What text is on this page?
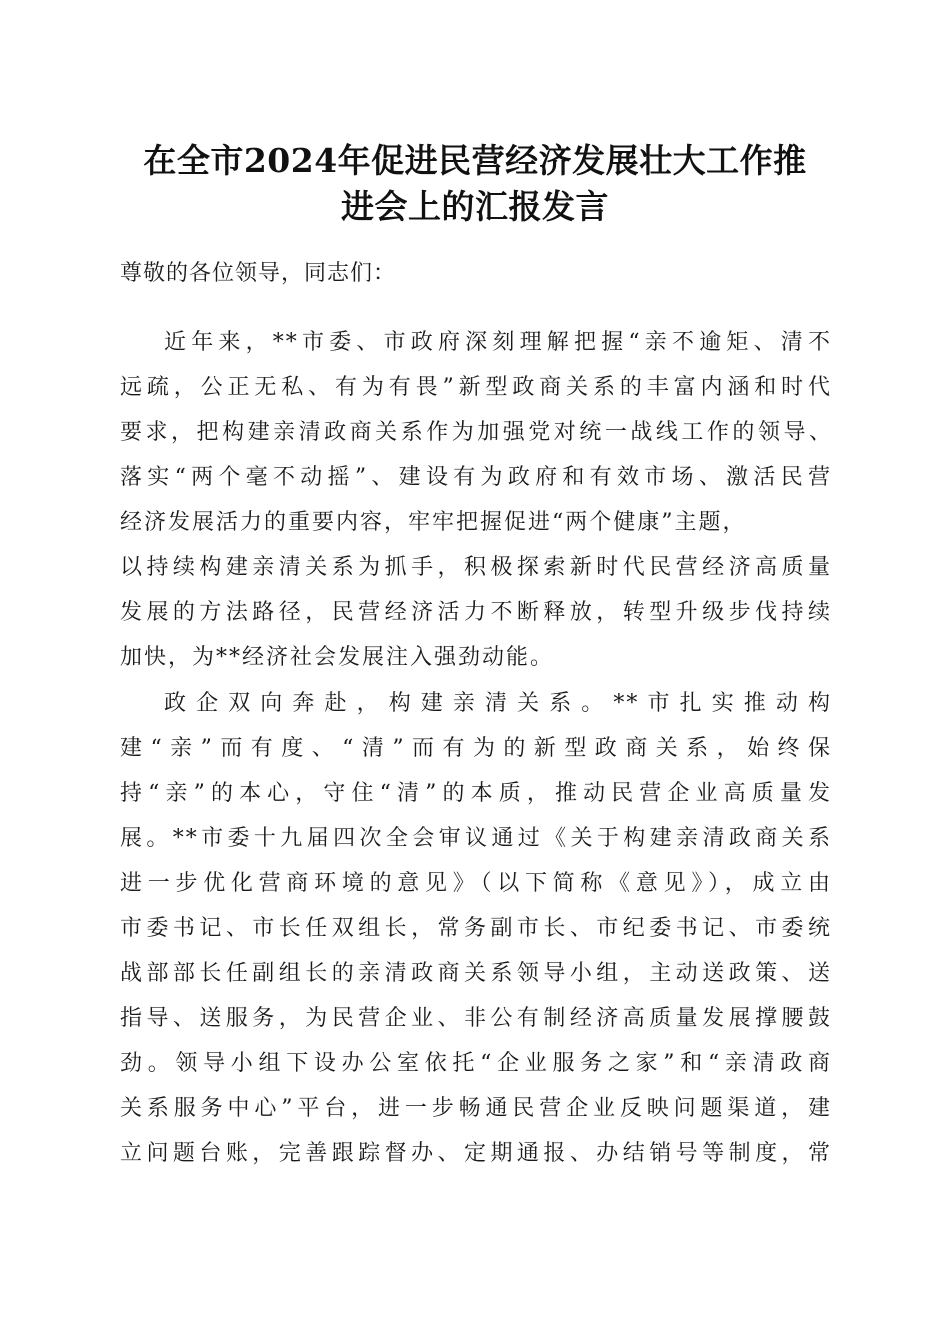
在全市2024年促进民营经济发展壮大工作推
进会上的汇报发言
尊敬的各位领导，同志们：
近年来，**市委、市政府深刻理解把握“亲不逾矩、清不
远疏，公正无私、有为有畏”新型政商关系的丰富内涵和时代
要求，把构建亲清政商关系作为加强党对统一战线工作的领导、
落实“两个毫不动摇”、建设有为政府和有效市场、激活民营
经济发展活力的重要内容，牢牢把握促进“两个健康”主题，
以持续构建亲清关系为抓手，积极探索新时代民营经济高质量
发展的方法路径，民营经济活力不断释放，转型升级步伐持续
加快，为**经济社会发展注入强劲动能。
政企双向奔赴，构建亲清关系。**市扎实推动构
建“亲”而有度、“清”而有为的新型政商关系，始终保
持“亲”的本心，守住“清”的本质，推动民营企业高质量发
展。**市委十九届四次全会审议通过《关于构建亲清政商关系
进一步优化营商环境的意见》（以下简称《意见》），成立由
市委书记、市长任双组长，常务副市长、市纪委书记、市委统
战部部长任副组长的亲清政商关系领导小组，主动送政策、送
指导、送服务，为民营企业、非公有制经济高质量发展撑腰鼓
劲。领导小组下设办公室依托“企业服务之家”和“亲清政商
关系服务中心”平台，进一步畅通民营企业反映问题渠道，建
立问题台账，完善跟踪督办、定期通报、办结销号等制度，常
